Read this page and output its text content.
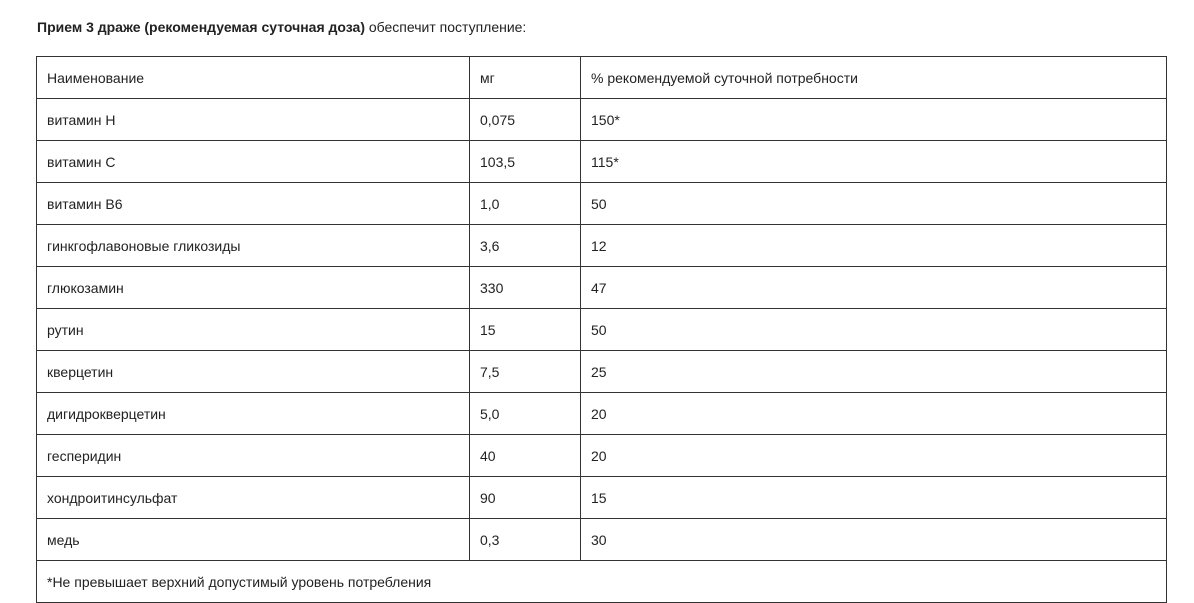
Прием 3 драже (рекомендуемая суточная доза) обеспечит поступление:
Наименование	мг	% рекомендуемой суточной потребности
витамин Н	0,075	150*
витамин С	103,5	115*
витамин В6	1,0	50
гинкгофлавоновые гликозиды	3,6	12
глюкозамин	330	47
рутин	15	50
кверцетин	7,5	25
дигидрокверцетин	5,0	20
гесперидин	40	20
хондроитинсульфат	90	15
медь	0,3	30
*Не превышает верхний допустимый уровень потребления		
